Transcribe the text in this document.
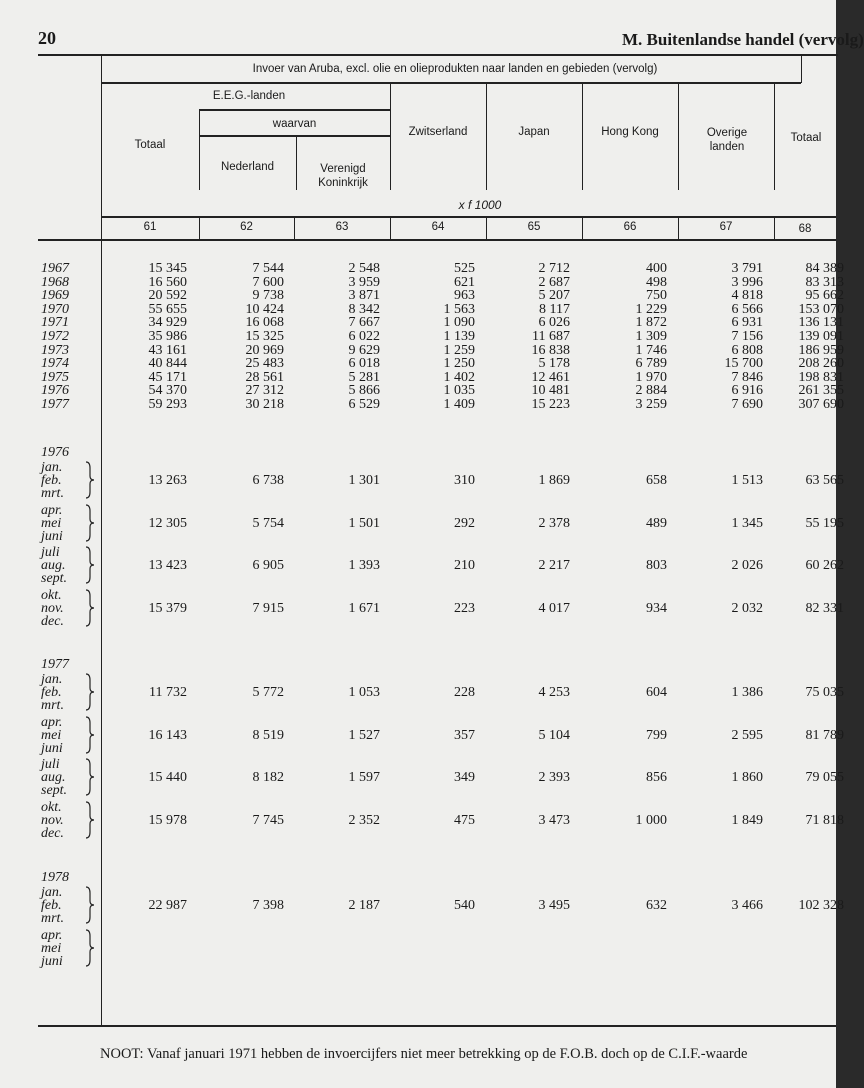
20	M. Buitenlandse handel (vervolg)
Invoer van Aruba, excl. olie en olieprodukten naar landen en gebieden (vervolg)
E.E.G.-landen
waarvan
Totaal
Nederland	Verenigd Koninkrijk
Zwitserland	Japan	Hong Kong	Overige landen
Totaal
x f 1000
61	62	63	64	65	66	67	68
1967	15 345	7 544	2 548	525	2 712	400	3 791	84 389
1968	16 560	7 600	3 959	621	2 687	498	3 996	83 313
1969	20 592	9 738	3 871	963	5 207	750	4 818	95 662
1970	55 655	10 424	8 342	1 563	8 117	1 229	6 566	153 070
1971	34 929	16 068	7 667	1 090	6 026	1 872	6 931	136 131
1972	35 986	15 325	6 022	1 139	11 687	1 309	7 156	139 091
1973	43 161	20 969	9 629	1 259	16 838	1 746	6 808	186 959
1974	40 844	25 483	6 018	1 250	5 178	6 789	15 700	208 260
1975	45 171	28 561	5 281	1 402	12 461	1 970	7 846	198 831
1976	54 370	27 312	5 866	1 035	10 481	2 884	6 916	261 355
1977	59 293	30 218	6 529	1 409	15 223	3 259	7 690	307 690
1976
jan.
feb.
mrt.
13 263	6 738	1 301	310	1 869	658	1 513	63 565
apr.
mei
juni
12 305	5 754	1 501	292	2 378	489	1 345	55 195
juli
aug.
sept.
13 423	6 905	1 393	210	2 217	803	2 026	60 262
okt.
nov.
dec.
15 379	7 915	1 671	223	4 017	934	2 032	82 331
1977
jan.
feb.
mrt.
11 732	5 772	1 053	228	4 253	604	1 386	75 035
apr.
mei
juni
16 143	8 519	1 527	357	5 104	799	2 595	81 789
juli
aug.
sept.
15 440	8 182	1 597	349	2 393	856	1 860	79 055
okt.
nov.
dec.
15 978	7 745	2 352	475	3 473	1 000	1 849	71 818
1978
jan.
feb.
mrt.
22 987	7 398	2 187	540	3 495	632	3 466	102 328
apr.
mei
juni
NOOT: Vanaf januari 1971 hebben de invoercijfers niet meer betrekking op de F.O.B. doch op de C.I.F.-waarde
